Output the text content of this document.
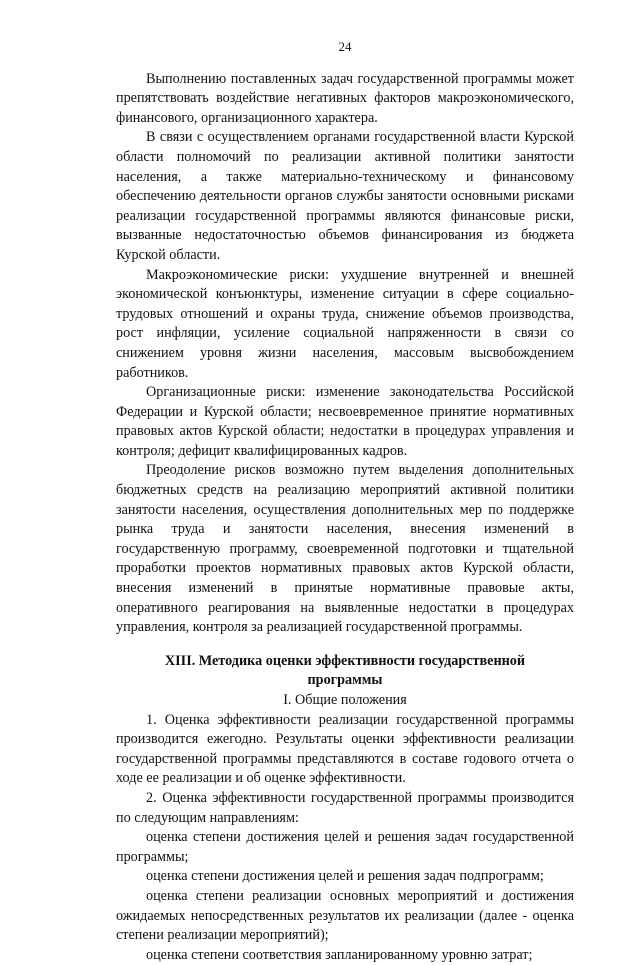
24

Выполнению поставленных задач государственной программы может препятствовать воздействие негативных факторов макроэкономического, финансового, организационного характера.

В связи с осуществлением органами государственной власти Курской области полномочий по реализации активной политики занятости населения, а также материально-техническому и финансовому обеспечению деятельности органов службы занятости основными рисками реализации государственной программы являются финансовые риски, вызванные недостаточностью объемов финансирования из бюджета Курской области.

Макроэкономические риски: ухудшение внутренней и внешней экономической конъюнктуры, изменение ситуации в сфере социально-трудовых отношений и охраны труда, снижение объемов производства, рост инфляции, усиление социальной напряженности в связи со снижением уровня жизни населения, массовым высвобождением работников.

Организационные риски: изменение законодательства Российской Федерации и Курской области; несвоевременное принятие нормативных правовых актов Курской области; недостатки в процедурах управления и контроля; дефицит квалифицированных кадров.

Преодоление рисков возможно путем выделения дополнительных бюджетных средств на реализацию мероприятий активной политики занятости населения, осуществления дополнительных мер по поддержке рынка труда и занятости населения, внесения изменений в государственную программу, своевременной подготовки и тщательной проработки проектов нормативных правовых актов Курской области, внесения изменений в принятые нормативные правовые акты, оперативного реагирования на выявленные недостатки в процедурах управления, контроля за реализацией государственной программы.

XIII. Методика оценки эффективности государственной программы
I. Общие положения

1. Оценка эффективности реализации государственной программы производится ежегодно. Результаты оценки эффективности реализации государственной программы представляются в составе годового отчета о ходе ее реализации и об оценке эффективности.

2. Оценка эффективности государственной программы производится по следующим направлениям:

оценка степени достижения целей и решения задач государственной программы;

оценка степени достижения целей и решения задач подпрограмм;

оценка степени реализации основных мероприятий и достижения ожидаемых непосредственных результатов их реализации (далее - оценка степени реализации мероприятий);

оценка степени соответствия запланированному уровню затрат;
